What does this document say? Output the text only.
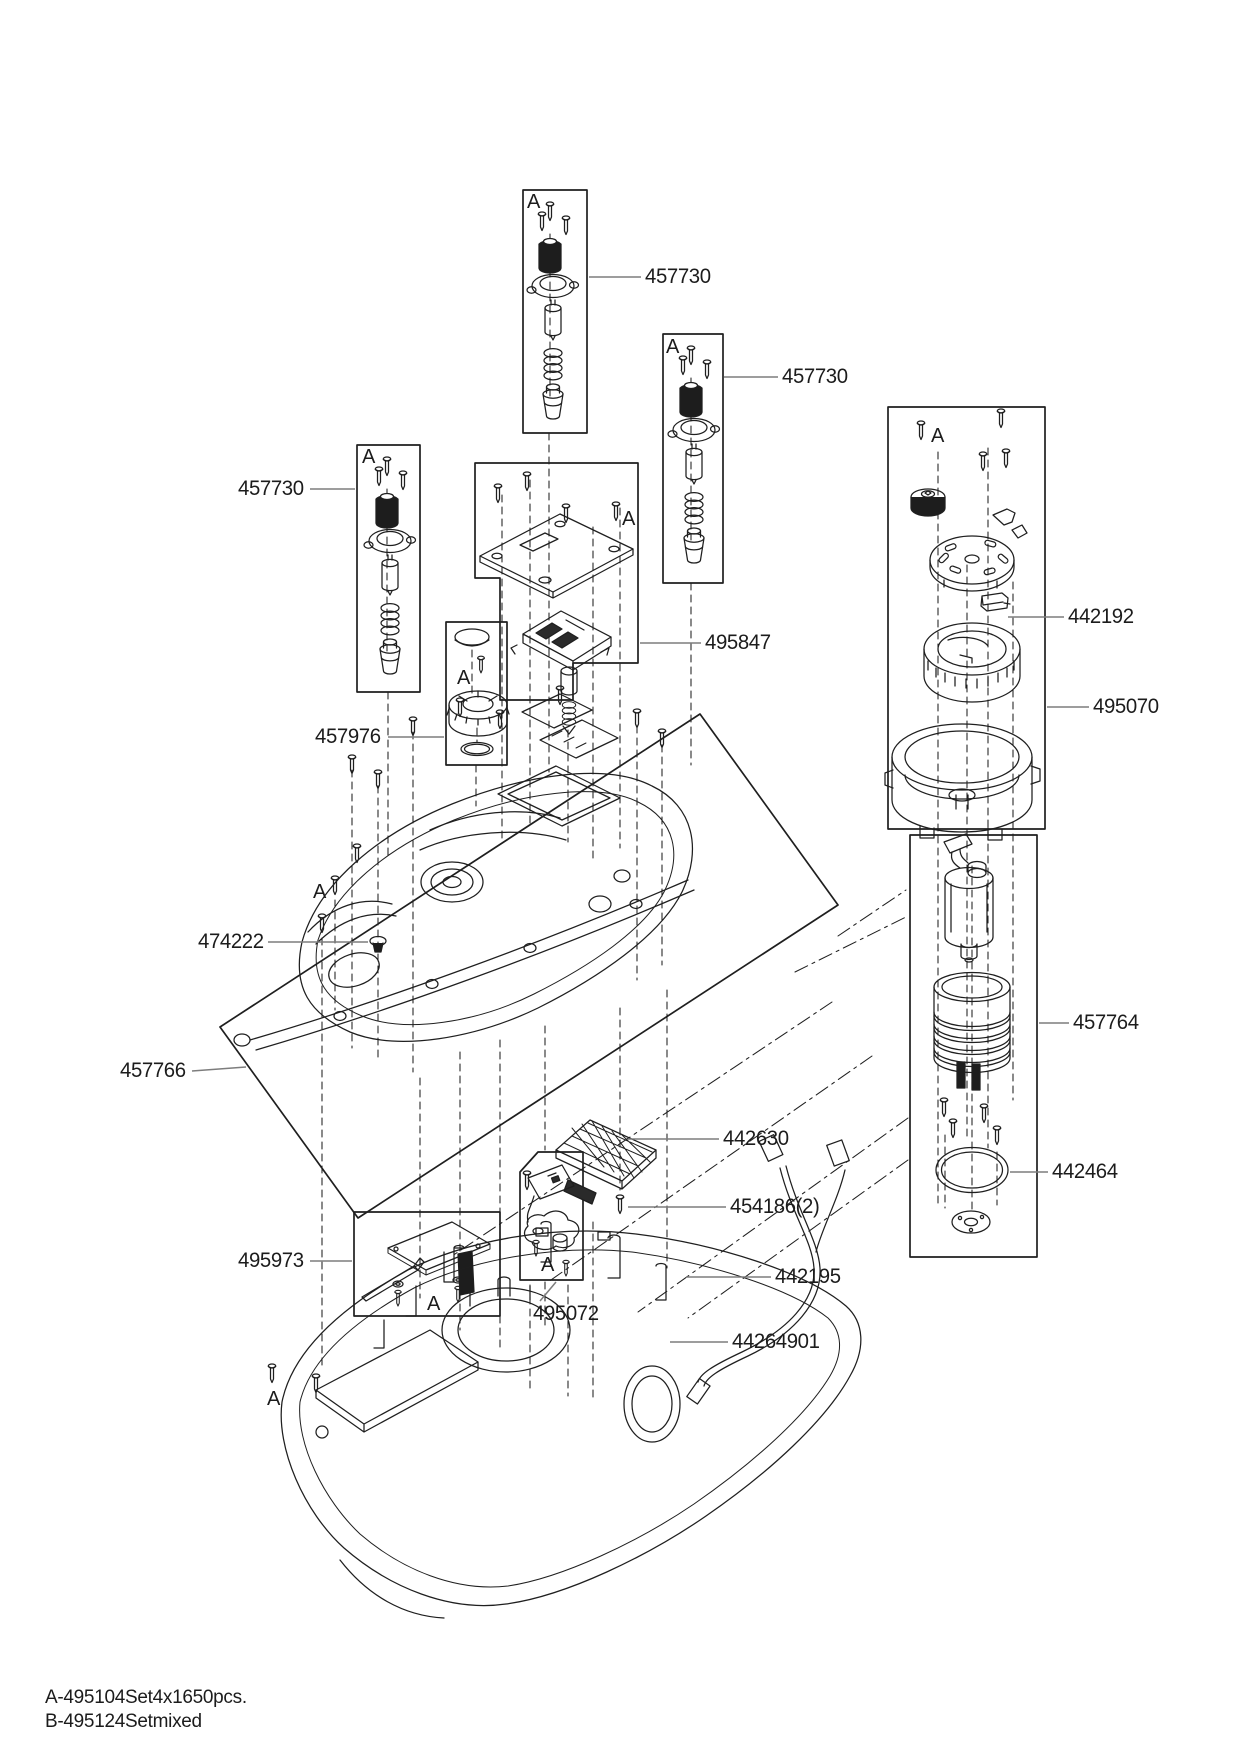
457730
457730
457730
495847
457976
442192
495070
474222
457766
457764
442630
454186(2)
442464
442195
495072
495973
44264901
A
A
A
A
A
A
A
A
A
A
A-495104Set4x1650pcs.
B-495124Setmixed
